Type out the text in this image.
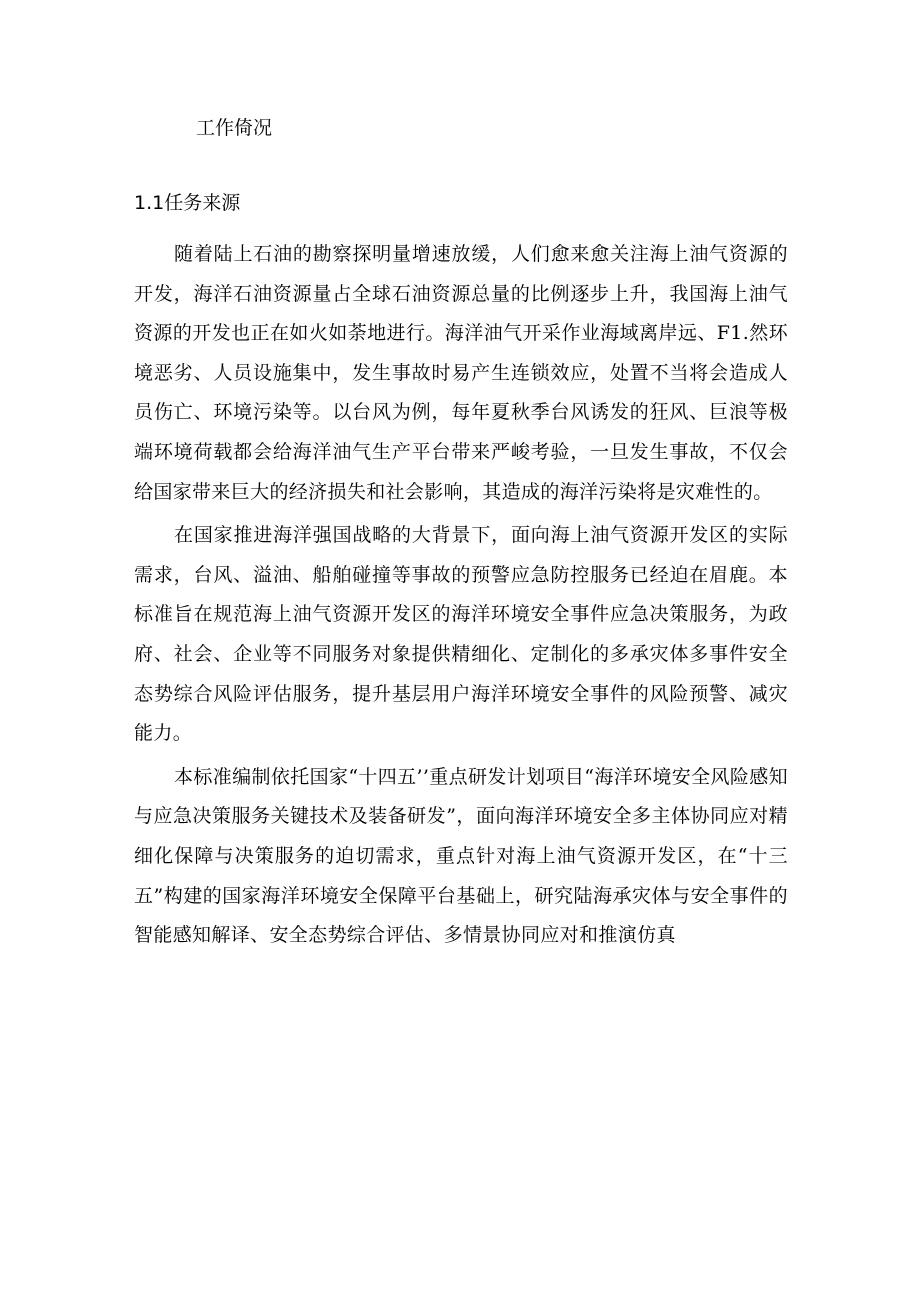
工作倚况
1.1任务来源

随着陆上石油的勘察探明量增速放缓，人们愈来愈关注海上油气资源的开发，海洋石油资源量占全球石油资源总量的比例逐步上升，我国海上油气资源的开发也正在如火如荼地进行。海洋油气开采作业海域离岸远、F1.然环境恶劣、人员设施集中，发生事故时易产生连锁效应，处置不当将会造成人员伤亡、环境污染等。以台风为例，每年夏秋季台风诱发的狂风、巨浪等极端环境荷载都会给海洋油气生产平台带来严峻考验，一旦发生事故，不仅会给国家带来巨大的经济损失和社会影响，其造成的海洋污染将是灾难性的。

在国家推进海洋强国战略的大背景下，面向海上油气资源开发区的实际需求，台风、溢油、船舶碰撞等事故的预警应急防控服务已经迫在眉鹿。本标准旨在规范海上油气资源开发区的海洋环境安全事件应急决策服务，为政府、社会、企业等不同服务对象提供精细化、定制化的多承灾体多事件安全态势综合风险评估服务，提升基层用户海洋环境安全事件的风险预警、减灾能力。

本标准编制依托国家“十四五’’重点研发计划项目“海洋环境安全风险感知与应急决策服务关键技术及装备研发”，面向海洋环境安全多主体协同应对精细化保障与决策服务的迫切需求，重点针对海上油气资源开发区，在“十三五”构建的国家海洋环境安全保障平台基础上，研究陆海承灾体与安全事件的智能感知解译、安全态势综合评估、多情景协同应对和推演仿真
